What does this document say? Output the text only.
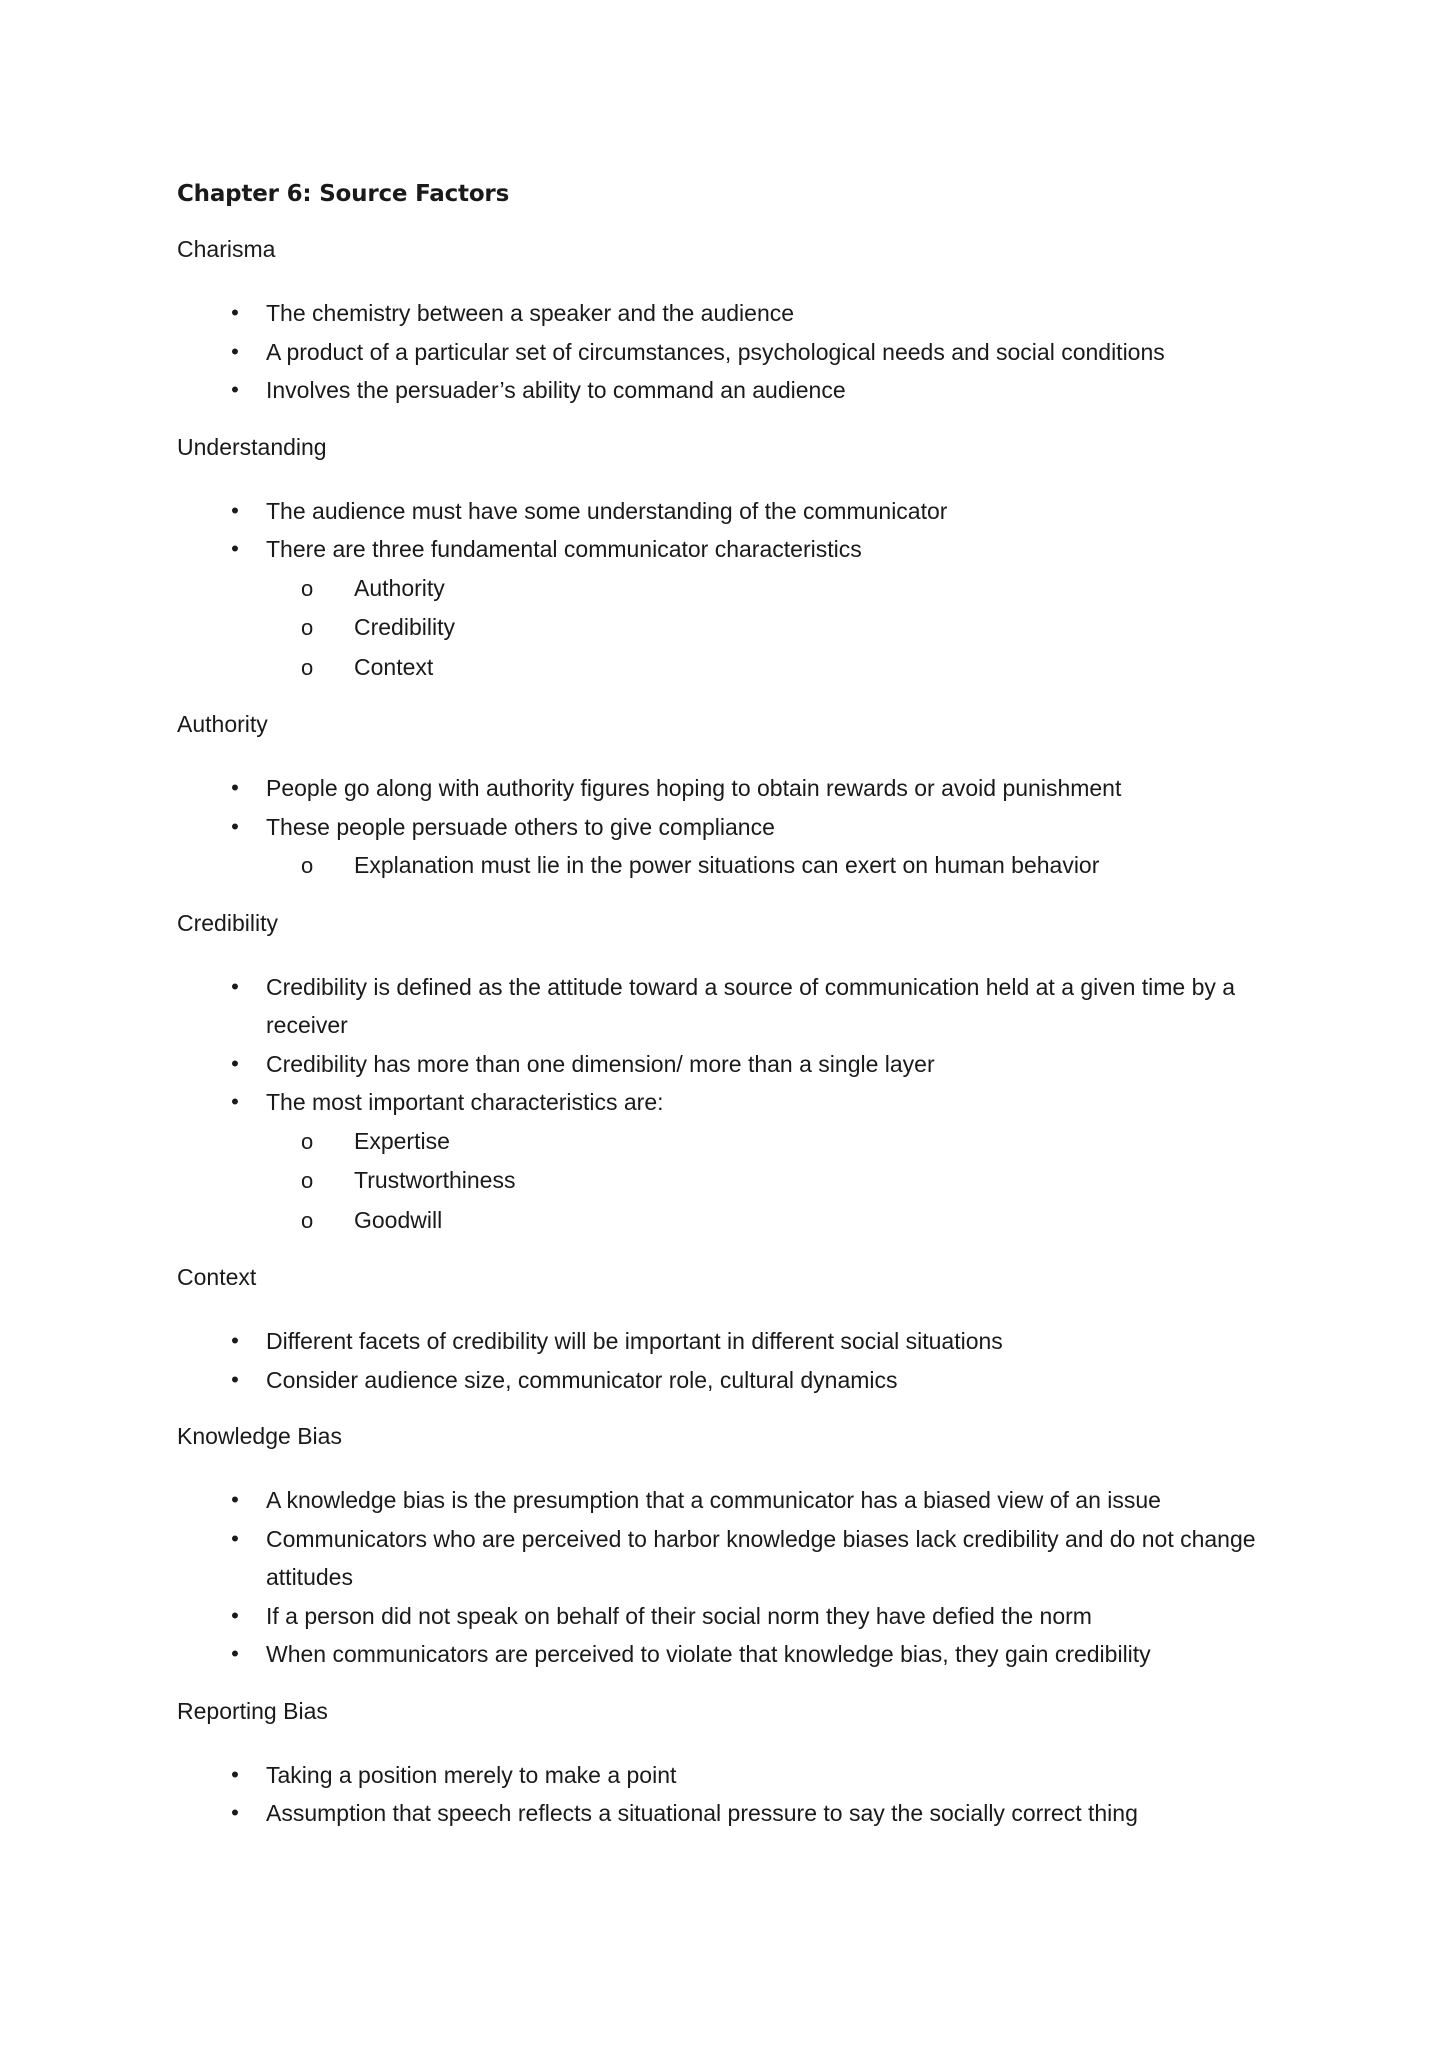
Chapter 6: Source Factors
Charisma
• The chemistry between a speaker and the audience
• A product of a particular set of circumstances, psychological needs and social conditions
• Involves the persuader’s ability to command an audience
Understanding
• The audience must have some understanding of the communicator
• There are three fundamental communicator characteristics
o Authority
o Credibility
o Context
Authority
• People go along with authority figures hoping to obtain rewards or avoid punishment
• These people persuade others to give compliance
o Explanation must lie in the power situations can exert on human behavior
Credibility
• Credibility is defined as the attitude toward a source of communication held at a given time by a receiver
• Credibility has more than one dimension/ more than a single layer
• The most important characteristics are:
o Expertise
o Trustworthiness
o Goodwill
Context
• Different facets of credibility will be important in different social situations
• Consider audience size, communicator role, cultural dynamics
Knowledge Bias
• A knowledge bias is the presumption that a communicator has a biased view of an issue
• Communicators who are perceived to harbor knowledge biases lack credibility and do not change attitudes
• If a person did not speak on behalf of their social norm they have defied the norm
• When communicators are perceived to violate that knowledge bias, they gain credibility
Reporting Bias
• Taking a position merely to make a point
• Assumption that speech reflects a situational pressure to say the socially correct thing
